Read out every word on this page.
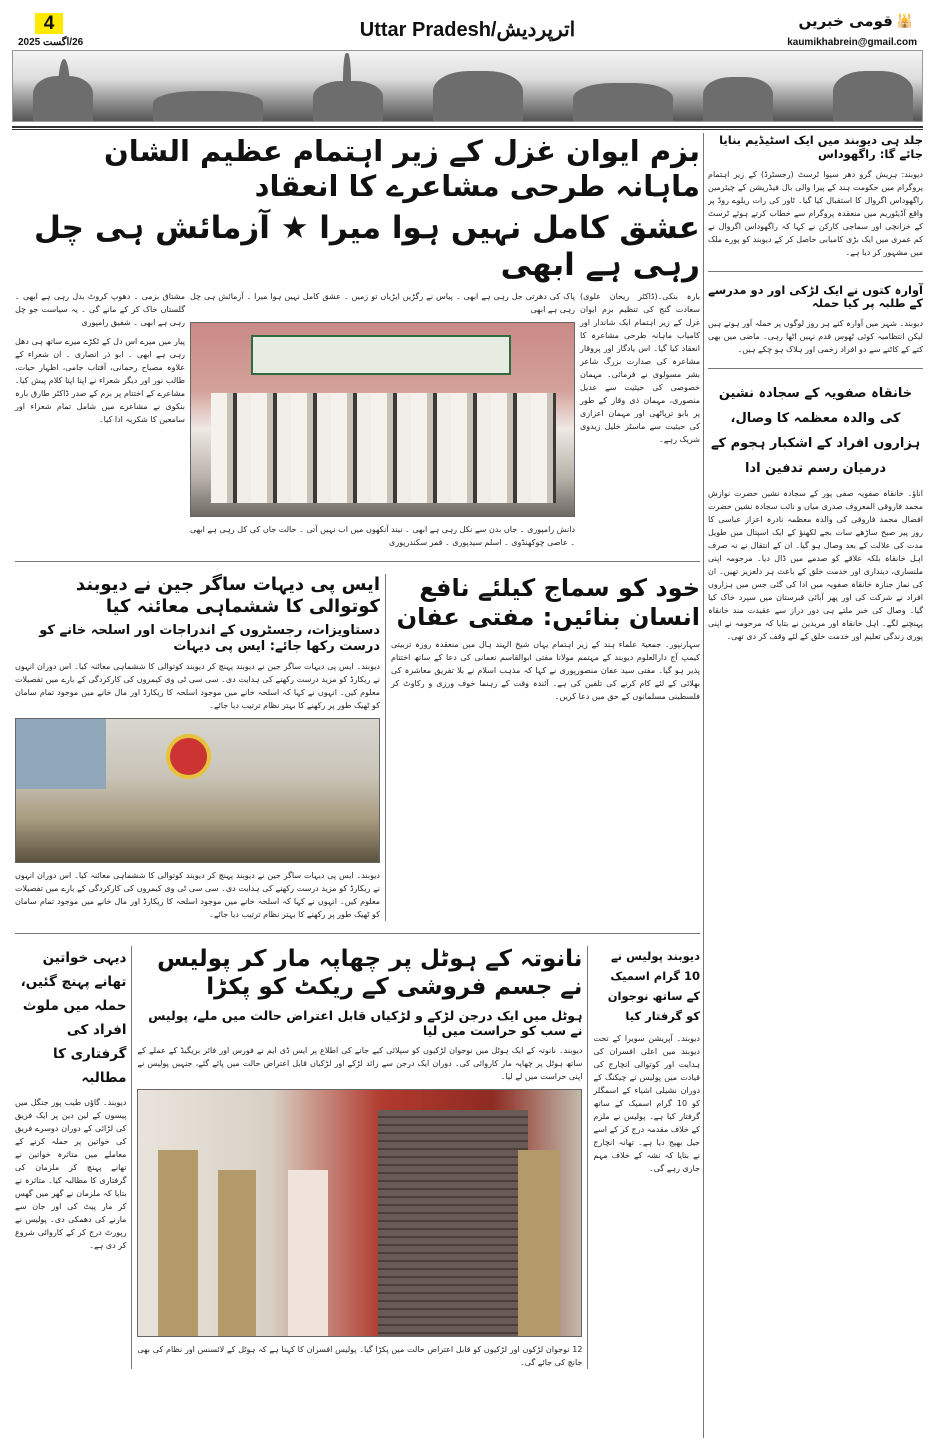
4
26/اگست 2025
Uttar Pradesh/اترپردیش	قومی خبریں 🕌
kaumikhabrein@gmail.com
جلد ہی دیوبند میں ایک اسٹیڈیم بنایا جائے گا: راگھوداس
دیوبند: ہریش گرو دھر سیوا ٹرسٹ (رجسٹرڈ) کے زیر اہتمام پروگرام میں حکومت ہند کے پیرا والی بال فیڈریشن کے چیئرمین راگھوداس اگروال کا استقبال کیا گیا۔ ٹاور کی رات ریلوے روڈ پر واقع آڈیٹوریم میں منعقدہ پروگرام سے خطاب کرتے ہوئے ٹرسٹ کے خزانچی اور سماجی کارکن نے کہا کہ راگھوداس اگروال نے کم عمری میں ایک بڑی کامیابی حاصل کر کے دیوبند کو پورے ملک میں مشہور کر دیا ہے۔
آوارہ کتوں نے ایک لڑکی اور دو مدرسے کے طلبہ پر کیا حملہ
دیوبند۔ شہر میں آوارہ کتے ہر روز لوگوں پر حملہ آور ہوتے ہیں لیکن انتظامیہ کوئی ٹھوس قدم نہیں اٹھا رہی۔ ماضی میں بھی کتے کے کاٹنے سے دو افراد زخمی اور ہلاک ہو چکے ہیں۔
خانقاہ صفویہ کے سجادہ نشین کی والدہ معظمہ کا وصال، ہزاروں افراد کے اشکبار ہجوم کے درمیان رسم تدفین ادا
اناؤ۔ خانقاہ صفویہ صفی پور کے سجادہ نشین حضرت نوازش محمد فاروقی المعروف صدری میاں و نائب سجادہ نشین حضرت افضال محمد فاروقی کی والدہ معظمہ نادرہ اعزاز عباسی کا روز پیر صبح ساڑھے سات بجے لکھنؤ کے ایک اسپتال میں طویل مدت کی علالت کے بعد وصال ہو گیا۔ ان کے انتقال نے نہ صرف اہل خانقاہ بلکہ علاقے کو صدمے میں ڈال دیا۔ مرحومہ اپنی ملنساری، دینداری اور خدمت خلق کے باعث ہر دلعزیز تھیں۔ ان کی نماز جنازہ خانقاہ صفویہ میں ادا کی گئی جس میں ہزاروں افراد نے شرکت کی اور پھر آبائی قبرستان میں سپرد خاک کیا گیا۔ وصال کی خبر ملتے ہی دور دراز سے عقیدت مند خانقاہ پہنچنے لگے۔ اہل خانقاہ اور مریدین نے بتایا کہ مرحومہ نے اپنی پوری زندگی تعلیم اور خدمت خلق کے لئے وقف کر دی تھی۔
بزم ایوان غزل کے زیر اہتمام عظیم الشان ماہانہ طرحی مشاعرے کا انعقاد
عشق کامل نہیں ہوا میرا ★ آزمائش ہی چل رہی ہے ابھی
مشتاق بزمی ۔ دھوپ کروٹ بدل رہی ہے ابھی ۔ گلستاں خاک کر کے مانے گی ۔ یہ سیاست جو چل رہی ہے ابھی ۔ شفیق رامپوری
پیار میں میرے اس دل کے ٹکڑے میرے ساتھ ہی دھل رہی ہے ابھی ۔ ابو ذر انصاری ۔ ان شعراء کے علاوہ مصباح رحمانی، آفتاب جامی، اظہار حیات، طالب نور اور دیگر شعراء نے اپنا اپنا کلام پیش کیا۔ مشاعرے کے اختتام پر بزم کے صدر ڈاکٹر طارق بارہ بنکوی نے مشاعرے میں شامل تمام شعراء اور سامعین کا شکریہ ادا کیا۔
پاک کی دھرتی جل رہی ہے ابھی ۔ پیاس نے رگڑیں ایڑیاں تو زمیں ۔ عشق کامل نہیں ہوا میرا ۔ آزمائش ہی چل رہی ہے ابھی
دانش رامپوری ۔ جاں بدن سے نکل رہی ہے ابھی ۔ نیند آنکھوں میں اب نہیں آتی ۔ حالت جاں کی کل رہی ہے ابھی ۔ عاصی چوکھنڈوی ۔ اسلم سیدپوری ۔ قمر سکندرپوری
بارہ بنکی۔(ڈاکٹر ریحان علوی) سعادت گنج کی تنظیم بزم ایوان غزل کے زیر اہتمام ایک شاندار اور کامیاب ماہانہ طرحی مشاعرہ کا انعقاد کیا گیا۔ اس یادگار اور پروقار مشاعرہ کی صدارت بزرگ شاعر بشر مسولوی نے فرمائی۔ مہمان خصوصی کی حیثیت سے عدیل منصوری، مہمان ذی وقار کے طور پر بابو ترپاٹھی اور مہمان اعزازی کی حیثیت سے ماسٹر خلیل زیدوی شریک رہے۔
ایس پی دیہات ساگر جین نے دیوبند کوتوالی کا ششماہی معائنہ کیا
دستاویزات، رجسٹروں کے اندراجات اور اسلحہ خانے کو درست رکھا جائے: ایس پی دیہات
دیوبند۔ ایس پی دیہات ساگر جین نے دیوبند پہنچ کر دیوبند کوتوالی کا ششماہی معائنہ کیا۔ اس دوران انہوں نے ریکارڈ کو مزید درست رکھنے کی ہدایت دی۔ سی سی ٹی وی کیمروں کی کارکردگی کے بارے میں تفصیلات معلوم کیں۔ انہوں نے کہا کہ اسلحہ خانے میں موجود اسلحہ کا ریکارڈ اور مال خانے میں موجود تمام سامان کو ٹھیک طور پر رکھنے کا بہتر نظام ترتیب دیا جائے۔
دیوبند۔ ایس پی دیہات ساگر جین نے دیوبند پہنچ کر دیوبند کوتوالی کا ششماہی معائنہ کیا۔ اس دوران انہوں نے ریکارڈ کو مزید درست رکھنے کی ہدایت دی۔ سی سی ٹی وی کیمروں کی کارکردگی کے بارے میں تفصیلات معلوم کیں۔ انہوں نے کہا کہ اسلحہ خانے میں موجود اسلحہ کا ریکارڈ اور مال خانے میں موجود تمام سامان کو ٹھیک طور پر رکھنے کا بہتر نظام ترتیب دیا جائے۔
خود کو سماج کیلئے نافع انسان بنائیں: مفتی عفان
سہارنپور۔ جمعیۃ علماء ہند کے زیر اہتمام یہاں شیخ الہند ہال میں منعقدہ روزہ تربیتی کیمپ آج دارالعلوم دیوبند کے مہتمم مولانا مفتی ابوالقاسم نعمانی کی دعا کے ساتھ اختتام پذیر ہو گیا۔ مفتی سید عفان منصورپوری نے کہا کہ مذہب اسلام نے بلا تفریق معاشرہ کی بھلائی کے لئے کام کرنے کی تلقین کی ہے۔ آئندہ وقت کے رہنما خوف ورزی و رکاوٹ کر فلسطینی مسلمانوں کے حق میں دعا کریں۔
دیہی خواتین تھانے پہنچ گئیں، حملہ میں ملوث افراد کی گرفتاری کا مطالبہ
دیوبند۔ گاؤں طیب پور جنگل میں پیسوں کے لین دین پر ایک فریق کی لڑائی کے دوران دوسرے فریق کی خواتین پر حملہ کرنے کے معاملے میں متاثرہ خواتین نے تھانے پہنچ کر ملزمان کی گرفتاری کا مطالبہ کیا۔ متاثرہ نے بتایا کہ ملزمان نے گھر میں گھس کر مار پیٹ کی اور جان سے مارنے کی دھمکی دی۔ پولیس نے رپورٹ درج کر کے کاروائی شروع کر دی ہے۔
نانوتہ کے ہوٹل پر چھاپہ مار کر پولیس نے جسم فروشی کے ریکٹ کو پکڑا
ہوٹل میں ایک درجن لڑکے و لڑکیاں قابل اعتراض حالت میں ملے، پولیس نے سب کو حراست میں لیا
دیوبند۔ نانوتہ کے ایک ہوٹل میں نوجوان لڑکیوں کو سپلائی کیے جانے کی اطلاع پر ایس ڈی ایم نے فورس اور فائر بریگیڈ کے عملے کے ساتھ ہوٹل پر چھاپہ مار کاروائی کی۔ دوران ایک درجن سے زائد لڑکے اور لڑکیاں قابل اعتراض حالت میں پائے گئے، جنہیں پولیس نے اپنی حراست میں لے لیا۔
12 نوجوان لڑکوں اور لڑکیوں کو قابل اعتراض حالت میں پکڑا گیا۔ پولیس افسران کا کہنا ہے کہ ہوٹل کے لائسنس اور نظام کی بھی جانچ کی جائے گی۔
دیوبند پولیس نے 10 گرام اسمیک کے ساتھ نوجوان کو گرفتار کیا
دیوبند۔ آپریشن سویرا کے تحت دیوبند میں اعلی افسران کی ہدایت اور کوتوالی انچارج کی قیادت میں پولیس نے چیکنگ کے دوران نشیلی اشیاء کے اسمگلر کو 10 گرام اسمیک کے ساتھ گرفتار کیا ہے۔ پولیس نے ملزم کے خلاف مقدمہ درج کر کے اسے جیل بھیج دیا ہے۔ تھانہ انچارج نے بتایا کہ نشہ کے خلاف مہم جاری رہے گی۔
